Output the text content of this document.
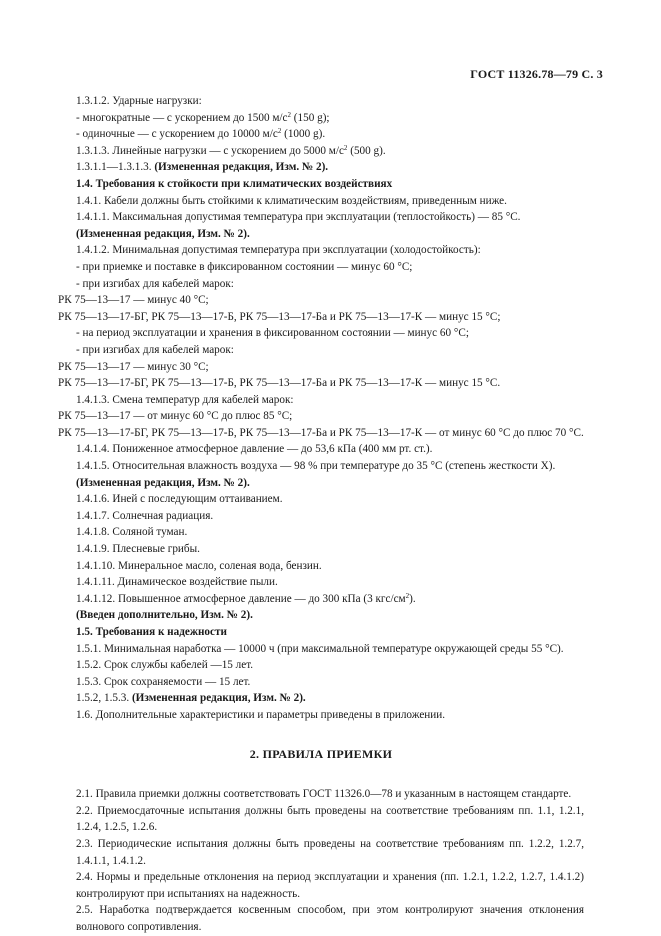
ГОСТ 11326.78—79 С. 3

1.3.1.2. Ударные нагрузки:

- многократные — с ускорением до 1500 $м/с^2$ (150 g);

- одиночные — с ускорением до 10000 $м/с^2$ (1000 g).

1.3.1.3. Линейные нагрузки — с ускорением до 5000 $м/с^2$ (500 g).

1.3.1.1—1.3.1.3. (Измененная редакция, Изм. № 2).

1.4. Требования к стойкости при климатических воздействиях

1.4.1. Кабели должны быть стойкими к климатическим воздействиям, приведенным ниже.

1.4.1.1. Максимальная допустимая температура при эксплуатации (теплостойкость) — 85 °С.

(Измененная редакция, Изм. № 2).

1.4.1.2. Минимальная допустимая температура при эксплуатации (холодостойкость):

- при приемке и поставке в фиксированном состоянии — минус 60 °С;

- при изгибах для кабелей марок:

РК 75—13—17 — минус 40 °С;

РК 75—13—17-БГ, РК 75—13—17-Б, РК 75—13—17-Ба и РК 75—13—17-К — минус 15 °С;

- на период эксплуатации и хранения в фиксированном состоянии — минус 60 °С;

- при изгибах для кабелей марок:

РК 75—13—17 — минус 30 °С;

РК 75—13—17-БГ, РК 75—13—17-Б, РК 75—13—17-Ба и РК 75—13—17-К — минус 15 °С.

1.4.1.3. Смена температур для кабелей марок:

РК 75—13—17 — от минус 60 °С до плюс 85 °С;

РК 75—13—17-БГ, РК 75—13—17-Б, РК 75—13—17-Ба и РК 75—13—17-К — от минус 60 °С до плюс 70 °С.

1.4.1.4. Пониженное атмосферное давление — до 53,6 кПа (400 мм рт. ст.).

1.4.1.5. Относительная влажность воздуха — 98 % при температуре до 35 °С (степень жесткости X).

(Измененная редакция, Изм. № 2).

1.4.1.6. Иней с последующим оттаиванием.

1.4.1.7. Солнечная радиация.

1.4.1.8. Соляной туман.

1.4.1.9. Плесневые грибы.

1.4.1.10. Минеральное масло, соленая вода, бензин.

1.4.1.11. Динамическое воздействие пыли.

1.4.1.12. Повышенное атмосферное давление — до 300 кПа (3 кгс/$см^2$).

(Введен дополнительно, Изм. № 2).

1.5. Требования к надежности

1.5.1. Минимальная наработка — 10000 ч (при максимальной температуре окружающей среды 55 °С).

1.5.2. Срок службы кабелей —15 лет.

1.5.3. Срок сохраняемости — 15 лет.

1.5.2, 1.5.3. (Измененная редакция, Изм. № 2).

1.6. Дополнительные характеристики и параметры приведены в приложении.

2. ПРАВИЛА ПРИЕМКИ

2.1. Правила приемки должны соответствовать ГОСТ 11326.0—78 и указанным в настоящем стандарте.

2.2. Приемосдаточные испытания должны быть проведены на соответствие требованиям пп. 1.1, 1.2.1, 1.2.4, 1.2.5, 1.2.6.

2.3. Периодические испытания должны быть проведены на соответствие требованиям пп. 1.2.2, 1.2.7, 1.4.1.1, 1.4.1.2.

2.4. Нормы и предельные отклонения на период эксплуатации и хранения (пп. 1.2.1, 1.2.2, 1.2.7, 1.4.1.2) контролируют при испытаниях на надежность.

2.5. Наработка подтверждается косвенным способом, при этом контролируют значения отклонения волнового сопротивления.
